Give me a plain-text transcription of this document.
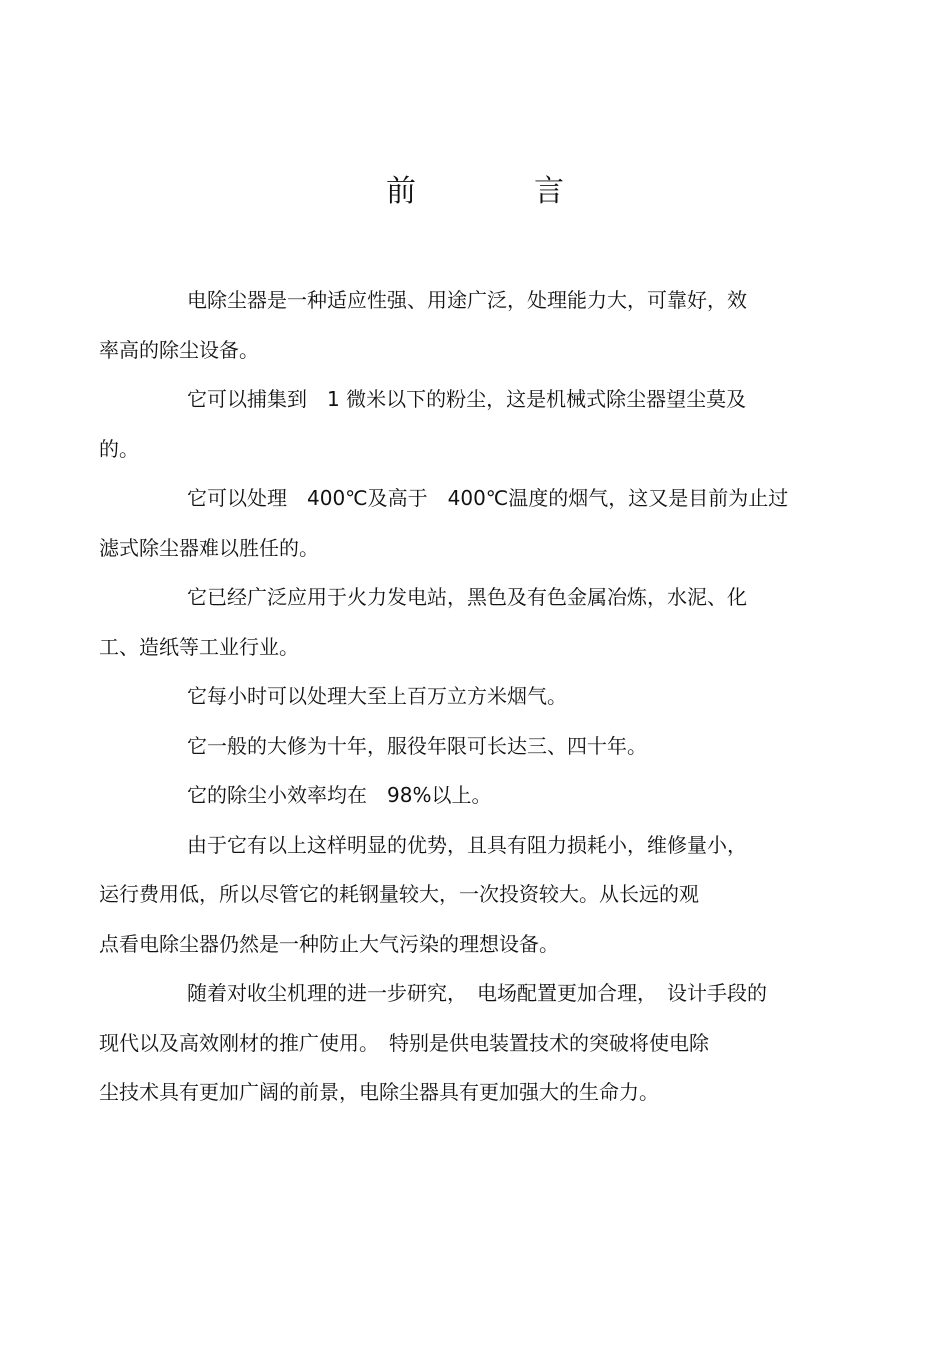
前	言

电除尘器是一种适应性强、用途广泛，处理能力大，可靠好，效
率高的除尘设备。

它可以捕集到　1 微米以下的粉尘，这是机械式除尘器望尘莫及
的。

它可以处理　400℃及高于　400℃温度的烟气，这又是目前为止过
滤式除尘器难以胜任的。

它已经广泛应用于火力发电站，黑色及有色金属冶炼，水泥、化
工、造纸等工业行业。

它每小时可以处理大至上百万立方米烟气。

它一般的大修为十年，服役年限可长达三、四十年。

它的除尘小效率均在　98%以上。

由于它有以上这样明显的优势，且具有阻力损耗小，维修量小，
运行费用低，所以尽管它的耗钢量较大，一次投资较大。从长远的观
点看电除尘器仍然是一种防止大气污染的理想设备。

随着对收尘机理的进一步研究，　电场配置更加合理，　设计手段的
现代以及高效刚材的推广使用。　特别是供电装置技术的突破将使电除
尘技术具有更加广阔的前景，电除尘器具有更加强大的生命力。
